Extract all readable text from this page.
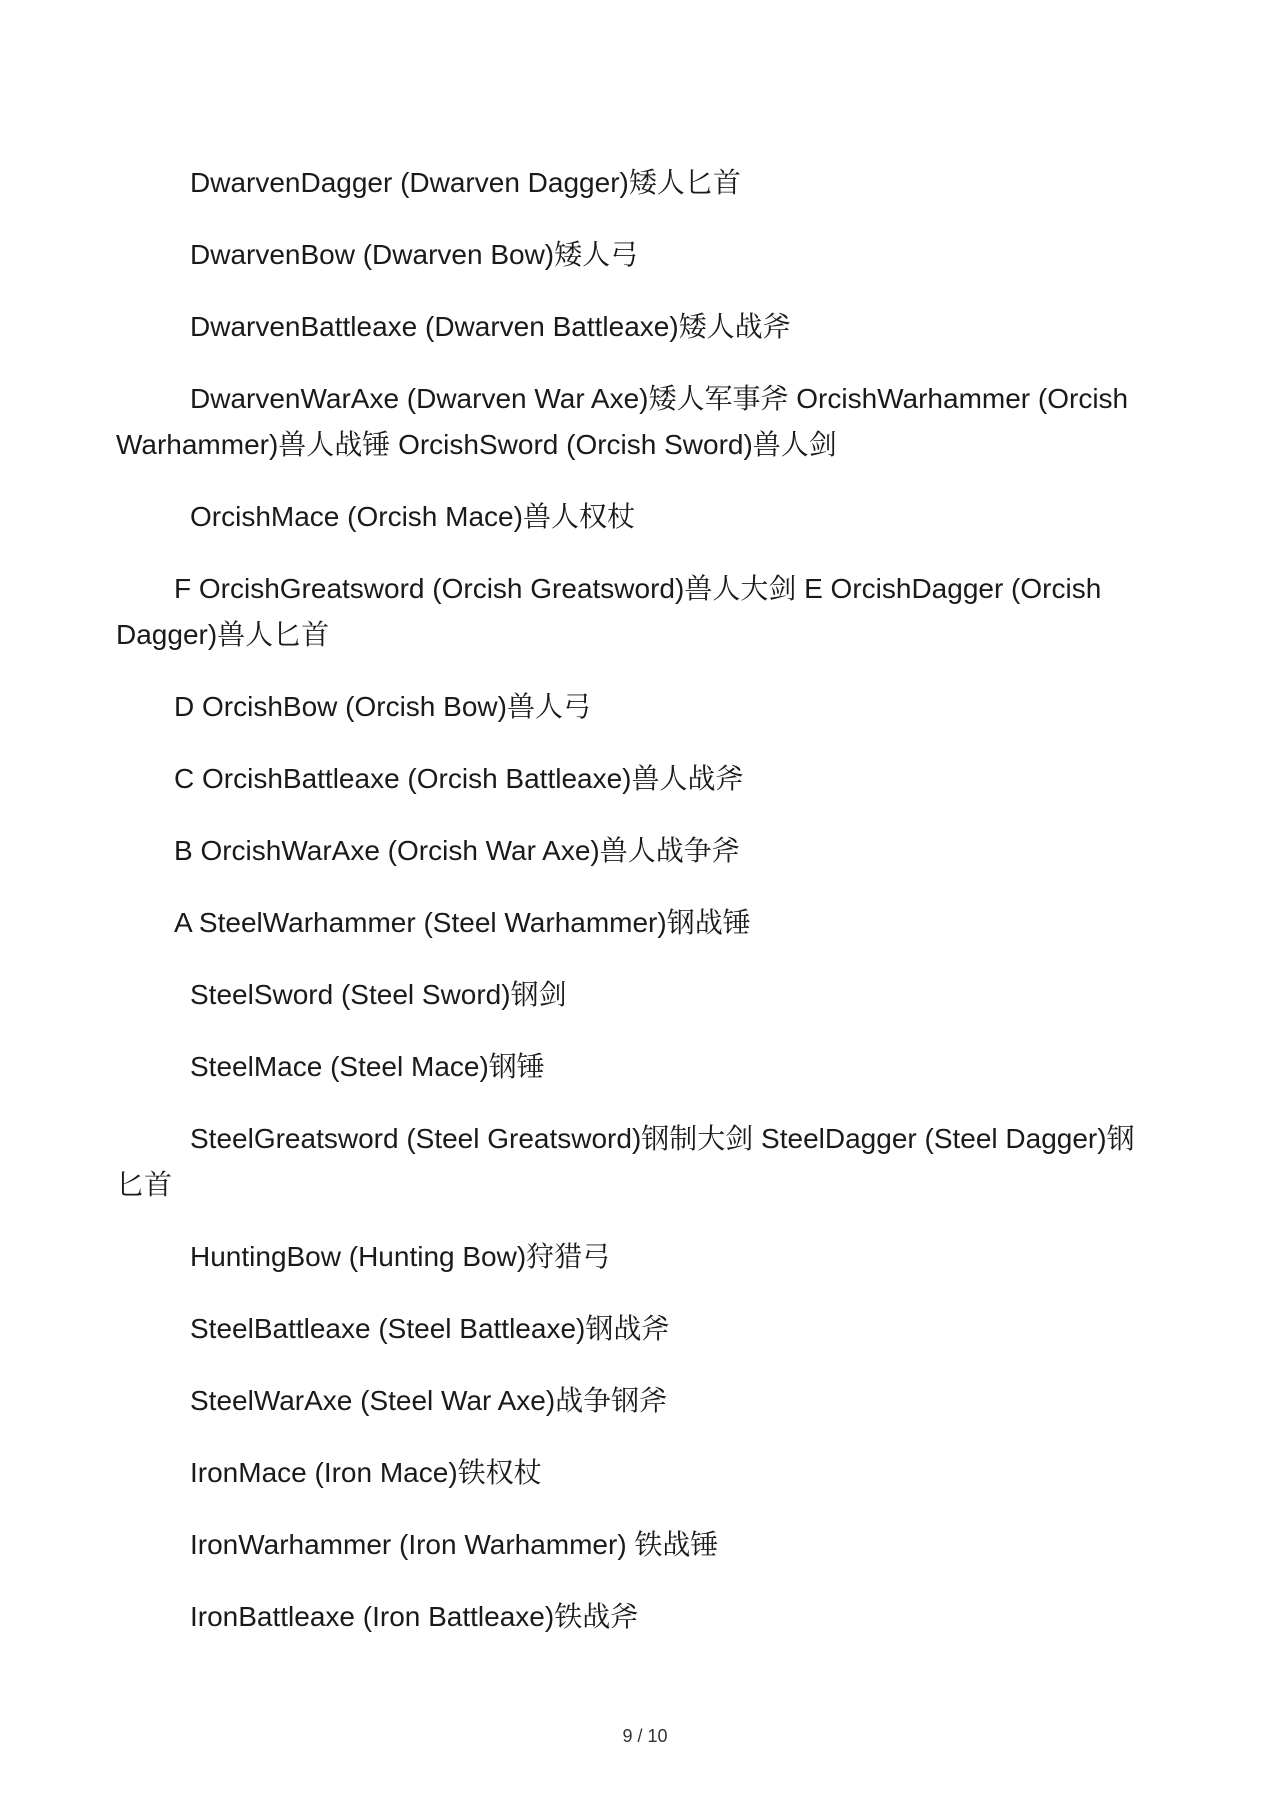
DwarvenDagger (Dwarven Dagger)矮人匕首

DwarvenBow (Dwarven Bow)矮人弓

DwarvenBattleaxe (Dwarven Battleaxe)矮人战斧

DwarvenWarAxe (Dwarven War Axe)矮人军事斧 OrcishWarhammer (Orcish Warhammer)兽人战锤 OrcishSword (Orcish Sword)兽人剑

OrcishMace (Orcish Mace)兽人权杖

F OrcishGreatsword (Orcish Greatsword)兽人大剑 E OrcishDagger (Orcish Dagger)兽人匕首

D OrcishBow (Orcish Bow)兽人弓

C OrcishBattleaxe (Orcish Battleaxe)兽人战斧

B OrcishWarAxe (Orcish War Axe)兽人战争斧

A SteelWarhammer (Steel Warhammer)钢战锤

SteelSword (Steel Sword)钢剑

SteelMace (Steel Mace)钢锤

SteelGreatsword (Steel Greatsword)钢制大剑 SteelDagger (Steel Dagger)钢匕首

HuntingBow (Hunting Bow)狩猎弓

SteelBattleaxe (Steel Battleaxe)钢战斧

SteelWarAxe (Steel War Axe)战争钢斧

IronMace (Iron Mace)铁权杖

IronWarhammer (Iron Warhammer) 铁战锤

IronBattleaxe (Iron Battleaxe)铁战斧

9 / 10
